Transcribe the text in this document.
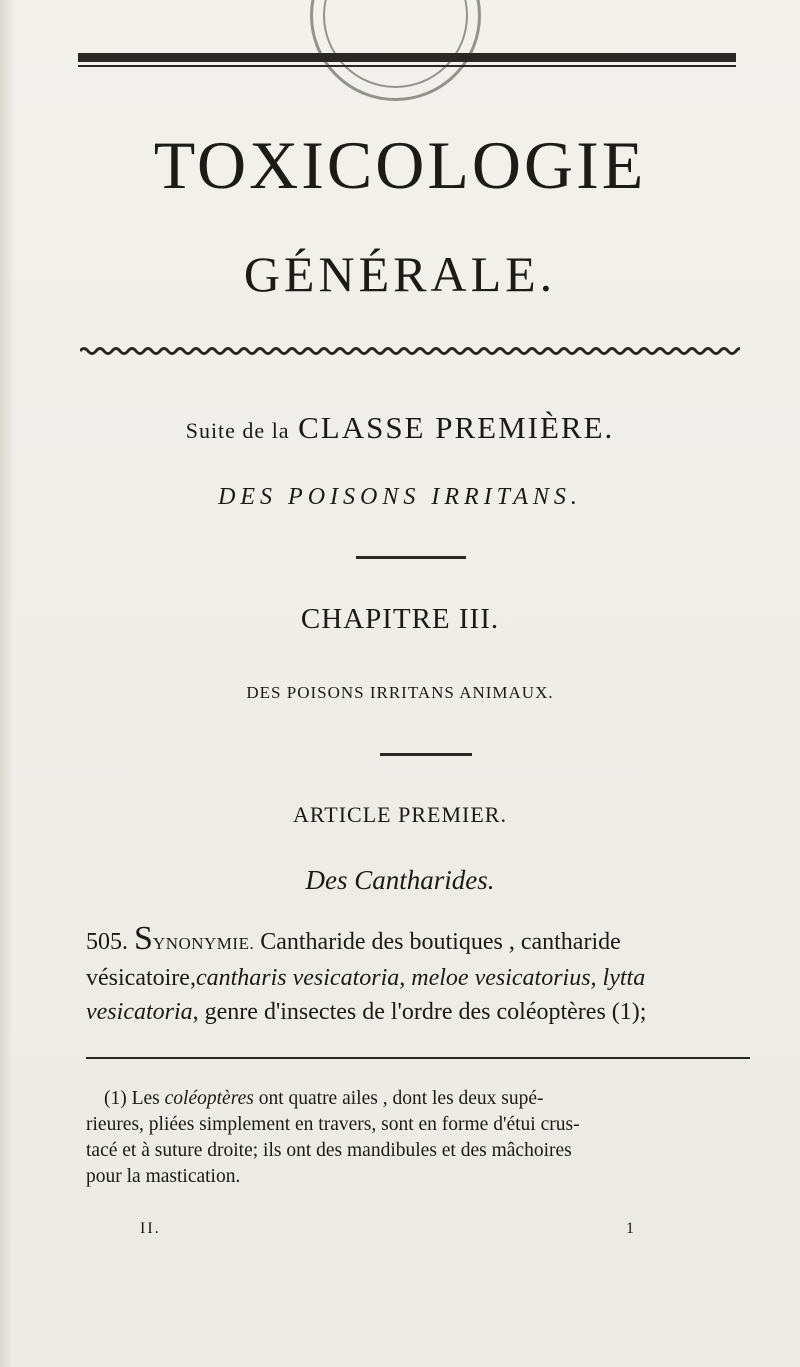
TOXICOLOGIE
GÉNÉRALE.
Suite de la CLASSE PREMIÈRE.
DES POISONS IRRITANS.
CHAPITRE III.
DES POISONS IRRITANS ANIMAUX.
ARTICLE PREMIER.
Des Cantharides.
505. SYNONYMIE. Cantharide des boutiques , cantharide
vésicatoire,cantharis vesicatoria, meloe vesicatorius, lytta
vesicatoria, genre d'insectes de l'ordre des coléoptères (1);
(1) Les coléoptères ont quatre ailes , dont les deux supé-
rieures, pliées simplement en travers, sont en forme d'étui crus-
tacé et à suture droite; ils ont des mandibules et des mâchoires
pour la mastication.
II.	1
